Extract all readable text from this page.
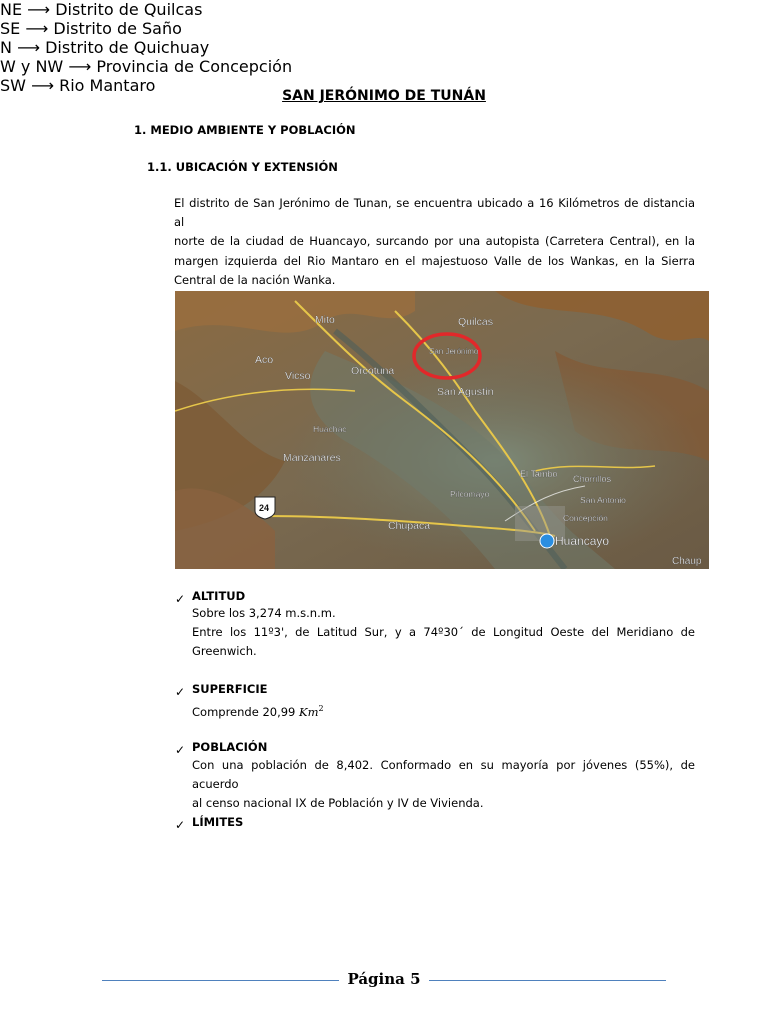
SAN JERÓNIMO DE TUNÁN
1. MEDIO AMBIENTE Y POBLACIÓN
1.1. UBICACIÓN Y EXTENSIÓN
El distrito de San Jerónimo de Tunan, se encuentra ubicado a 16 Kilómetros de distancia al
norte de la ciudad de Huancayo, surcando por una autopista (Carretera Central), en la
margen izquierda del Rio Mantaro en el majestuoso Valle de los Wankas, en la Sierra
Central de la nación Wanka.
Mito	Quilcas
San Jerónimo
Aco
Vicso	Orcotuna
San Agustín
Huachac
Manzanares
El Tambo Chorrillos
Pilcomayo
San Antonio
Concepción
Chupaca
Huancayo
Chaup
24
✓ ALTITUD
Sobre los 3,274 m.s.n.m.
Entre los 11º3', de Latitud Sur, y a 74º30´ de Longitud Oeste del Meridiano de
Greenwich.
✓ SUPERFICIE
Comprende 20,99 Km$^2$
✓ POBLACIÓN
Con una población de 8,402. Conformado en su mayoría por jóvenes (55%), de acuerdo
al censo nacional IX de Población y IV de Vivienda.
✓ LÍMITES
NE ⟶ Distrito de Quilcas
SE ⟶ Distrito de Saño
N ⟶ Distrito de Quichuay
W y NW ⟶ Provincia de Concepción
SW ⟶ Rio Mantaro
Página 5
